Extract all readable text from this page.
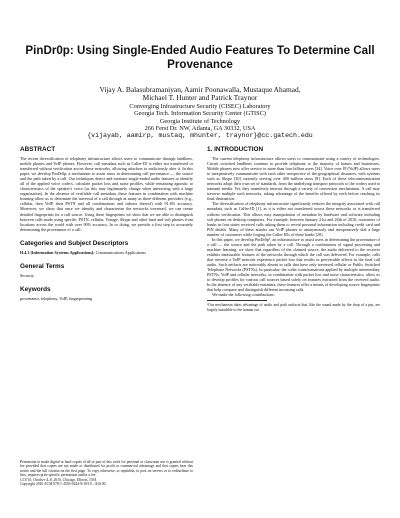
PinDr0p: Using Single-Ended Audio Features To Determine Call Provenance
Vijay A. Balasubramaniyan, Aamir Poonawalla, Mustaque Ahamad,
Michael T. Hunter and Patrick Traynor
Converging Infrastructure Security (CISEC) Laboratory
Georgia Tech. Information Security Center (GTISC)
Georgia Institute of Technology
266 Ferst Dr. NW, Atlanta, GA 30332, USA
{vijayab, aamirp, mustaq, mhunter, traynor}@cc.gatech.edu
ABSTRACT

The recent diversification of telephony infrastructure allows users to communicate through landlines, mobile phones and VoIP phones. However, call metadata such as Caller-ID is either not transferred or transferred without verification across these networks, allowing attackers to maliciously alter it. In this paper, we develop PinDr0p, a mechanism to assist users in determining call provenance — the source and the path taken by a call. Our techniques detect and measure single-ended audio features to identify all of the applied voice codecs, calculate packet loss and noise profiles, while remaining agnostic to characteristics of the speaker's voice (as this may legitimately change when interacting with a large organization). In the absence of verifiable call metadata, these features in combination with machine learning allow us to determine the traversal of a call through as many as three different providers (e.g., cellular, then VoIP, then PSTN and all combinations and subsets thereof) with 91.6% accuracy. Moreover, we show that once we identify and characterize the networks traversed, we can create detailed fingerprints for a call source. Using these fingerprints we show that we are able to distinguish between calls made using specific PSTN, cellular, Vonage, Skype and other hard and soft phones from locations across the world with over 90% accuracy. In so doing, we provide a first step in accurately determining the provenance of a call.

Categories and Subject Descriptors

H.4.3 [Information Systems Applications]: Communications Applications

General Terms

Security

Keywords

provenance, telephony, VoIP, fingerprinting

Permission to make digital or hard copies of all or part of this work for personal or classroom use is granted without fee provided that copies are not made or distributed for profit or commercial advantage and that copies bear this notice and the full citation on the first page. To copy otherwise, to republish, to post on servers or to redistribute to lists, requires prior specific permission and/or a fee.

CCS'10, October 4–8, 2010, Chicago, Illinois, USA.

Copyright 2010 ACM 978-1-4503-0244-9/10/10 ...$10.00.

1. INTRODUCTION

The current telephony infrastructure allows users to communicate using a variety of technologies. Circuit switched landlines continue to provide telephony to the majority of homes and businesses. Mobile phones now offer service to more than four billion users [34]. Voice over IP (VoIP) allows users to inexpensively communicate with each other irrespective of the geographical distances, with systems such as Skype [30] currently serving over 400 million users [8]. Each of these telecommunication networks adopt their own set of standards, from the underlying transport protocols to the codecs used to transmit media. Yet, they seamlessly interact through a variety of conversion mechanisms. A call may traverse multiple such networks, taking advantage of the benefits offered by each before reaching its final destination.

The diversification of telephony infrastructure significantly reduces the integrity associated with call metadata, such as Caller-ID [1], as it is either not transferred across these networks or is transferred without verification. This allows easy manipulation of metadata by hardware and software including soft phones on desktop computers. For example, between January 21st and 26th of 2010, customers of banks in four states received calls asking them to reveal personal information including credit card and PIN details. Many of these attacks use VoIP phones to anonymously and inexpensively dial a large number of customers while forging the Caller-IDs of these banks [20].

In this paper, we develop PinDr0p¹, an infrastructure to assist users in determining the provenance of a call — the source and the path taken by a call. Through a combination of signal processing and machine learning, we show that regardless of the claimed source, the audio delivered to the receiver exhibits measurable features of the networks through which the call was delivered. For example, calls that traverse a VoIP network experience packet loss that results in perceivable effects in the final call audio. Such artifacts are noticeably absent in calls that have only traversed cellular or Public Switched Telephone Networks (PSTNs). In particular, the codec transformations applied by multiple intermediary PSTNs, VoIP and cellular networks, in combination with packet loss and noise characteristics, allow us to develop profiles for various call sources based solely on features extracted from the received audio. In the absence of any verifiable metadata, these features offer a means of developing source fingerprints that help compare and distinguish different incoming calls.

We make the following contributions:

¹Our mechanism takes advantage of audio and path artifacts that, like the sound made by the drop of a pin, are largely inaudible to the human ear.
